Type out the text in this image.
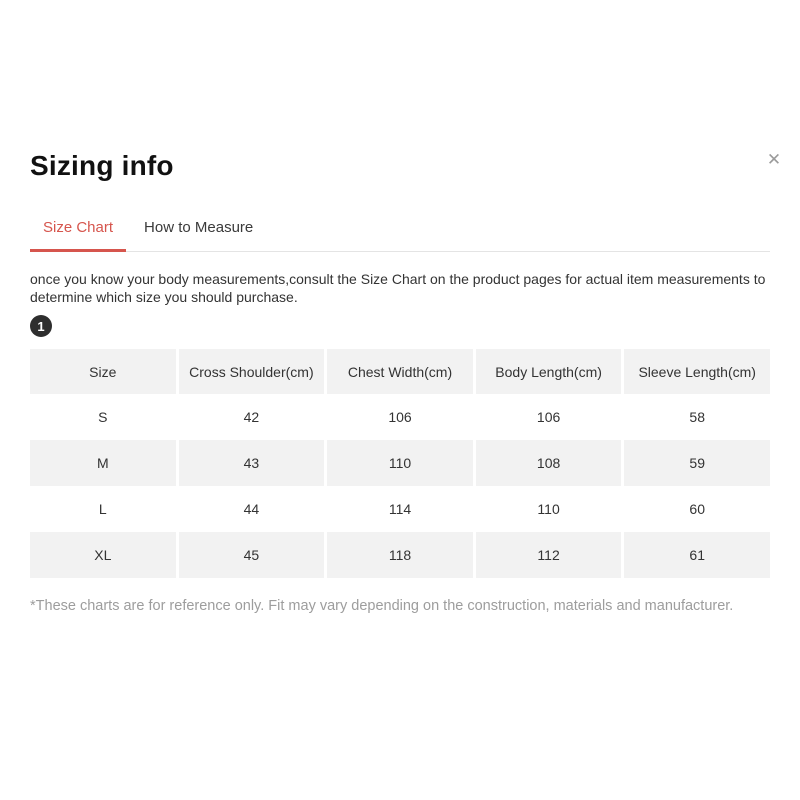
✕
Sizing info
Size Chart	How to Measure

once you know your body measurements,consult the Size Chart on the product pages for actual item measurements to determine which size you should purchase.

1
Size	Cross Shoulder(cm)	Chest Width(cm)	Body Length(cm)	Sleeve Length(cm)
S	42	106	106	58
M	43	110	108	59
L	44	114	110	60
XL	45	118	112	61

*These charts are for reference only. Fit may vary depending on the construction, materials and manufacturer.
